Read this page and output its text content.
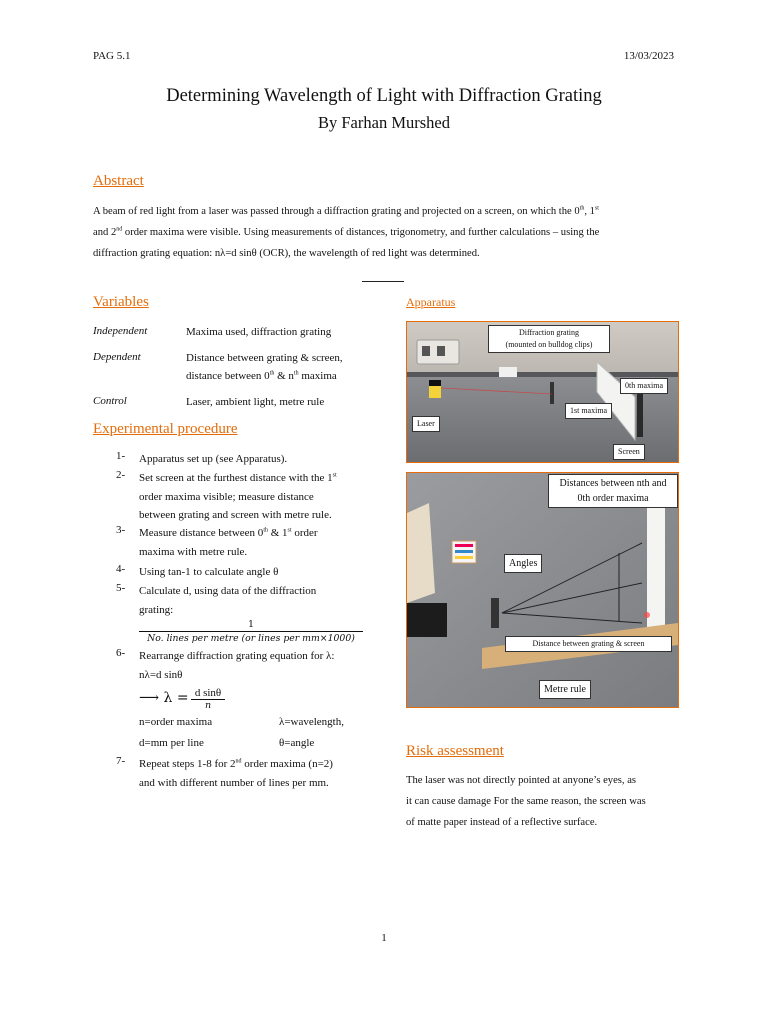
PAG 5.1	13/03/2023
Determining Wavelength of Light with Diffraction Grating
By Farhan Murshed
Abstract
A beam of red light from a laser was passed through a diffraction grating and projected on a screen, on which the 0th, 1st
and 2nd order maxima were visible. Using measurements of distances, trigonometry, and further calculations – using the
diffraction grating equation: nλ=d sinθ (OCR), the wavelength of red light was determined.
Variables
Independent	Maxima used, diffraction grating
Dependent	Distance between grating & screen,
distance between 0th & $n^{th}$ maxima
Control	Laser, ambient light, metre rule
Experimental procedure
1- Apparatus set up (see Apparatus).
2- Set screen at the furthest distance with the 1st
order maxima visible; measure distance
between grating and screen with metre rule.
3- Measure distance between 0th & 1st order
maxima with metre rule.
4- Using tan-1 to calculate angle θ
5- Calculate d, using data of the diffraction
grating:
1
No. lines per metre (or lines per mm×1000)
6- Rearrange diffraction grating equation for λ:
nλ=d sinθ
⟶ λ = d sinθ
n
n=order maxima	λ=wavelength,
d=mm per line	θ=angle
7- Repeat steps 1-8 for 2nd order maxima (n=2)
and with different number of lines per mm.
Apparatus
Diffraction grating
(mounted on bulldog clips)
0th maxima
1st maxima
Laser
Screen
Distances between nth and
0th order maxima
Angles
Distance between grating & screen
Metre rule
Risk assessment
The laser was not directly pointed at anyone’s eyes, as
it can cause damage For the same reason, the screen was
of matte paper instead of a reflective surface.
1
